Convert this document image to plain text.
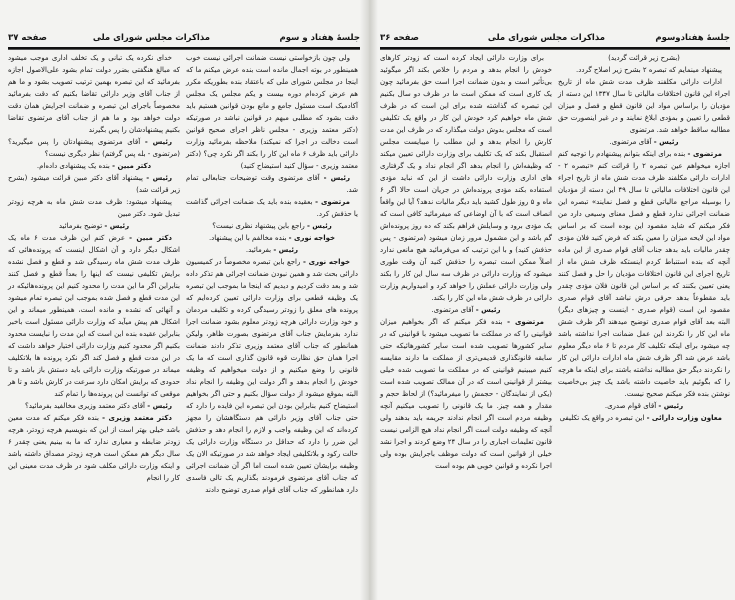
جلسهٔ هفتاد و سوم
مذاکرات مجلس شورای ملی
صفحه ۳۷

ولی چون بازخواستی نیست ضمانت اجرائی نیست خوب همینطور در بوته اجمال مانده است بنده عرض میکنم ما که اینجا در مجلس شورای ملی که باعتقاد بنده بطوریکه مکرر هم عرض کرده‌ام دوره بیست و یکم مجلس یک مجلس آکادمیک است مسئول جامع و مانع بودن قوانین هستیم باید دقت بشود که مطلبی مبهم در قوانین نباشد در صورتیکه (دکتر معتمد وزیری - مجلس ناظر اجرای صحیح قوانین است دخالت در اجرا که نمیکند) ملاحظه بفرمائید وزارت دارائی باید ظرف ۶ ماه این کار را بکند اگر نکرد چی؟ (دکتر معتمد وزیری - سؤال کنید استیضاح کنید)

رئیس - آقای مرتضوی وقت توضیحات جنابعالی تمام شد.

مرتضوی - بعقیده بنده باید یک ضمانت اجرائی گذاشت یا حذفش کرد.

رئیس - راجع باین پیشنهاد نظری نیست؟

خواجه نوری - بنده مخالفم با این پیشنهاد.

رئیس - بفرمائید.

خواجه نوری - راجع باین تبصره مخصوصاً در کمیسیون دارائی بحث شد و همین نبودن ضمانت اجرائی هم تذکر داده شد و بعد دقت کردیم و دیدیم که اینجا ما بموجب این تبصره یک وظیفه قطعی برای وزارت دارائی تعیین کرده‌ایم که پرونده های معلق را زودتر رسیدگی کرده و تکلیف مردمان و خود وزارت دارائی هرچه زودتر معلوم بشود ضمانت اجرا ندارد بفرمایش جناب آقای مرتضوی بصورت ظاهر، ولیکن همانطور که جناب آقای معتمد وزیری تذکر دادند ضمانت اجرا همان حق نظارت قوه قانون گذاری است که ما یک قانونی را وضع میکنیم و از دولت میخواهیم که وظیفه خودش را انجام بدهد و اگر دولت این وظیفه را انجام نداد البته بموقع میشود از دولت سؤال بکنیم و حتی اگر بخواهیم استیضاح کنیم بنابراین بودن این تبصره این فایده را دارد که حتی جناب آقای وزیر دارائی هم دستگاهشان را مجهز کرده‌اند که این وظیفه واجب و لازم را انجام دهد و حذفش این ضرر را دارد که حداقل در دستگاه وزارت دارائی یک حالت رکود و بلاتکلیفی ایجاد خواهد شد در صورتیکه الان یک وظیفه برایشان تعیین شده است اما اگر آن ضمانت اجرائی که جناب آقای مرتضوی فرمودند بگذاریم یک تالی فاسدی دارد همانطور که جناب آقای قوام صدری توضیح دادند

خدای نکرده یک تبانی و یک تخلف اداری موجب میشود که مبالغ هنگفتی بضرر دولت تمام بشود علی‌الاصول اجازه بفرمائید که این تبصره بهمین ترتیب تصویب بشود و ما هم از جناب آقای وزیر دارائی تقاضا بکنیم که دقت بفرمائید مخصوصاً باجرای این تبصره و ضمانت اجرایش همان دقت دولت خواهد بود و ما هم از جناب آقای مرتضوی تقاضا بکنیم پیشنهادشان را پس بگیرند

رئیس - آقای مرتضوی پیشنهادتان را پس میگیرید؟ (مرتضوی - بله پس گرفتم) نظر دیگری نیست؟

دکتر مبین - بنده یک پیشنهادی داده‌ام.

رئیس - پیشنهاد آقای دکتر مبین قرائت میشود (بشرح زیر قرائت شد)

پیشنهاد میشود: ظرف مدت شش ماه به هرچه زودتر تبدیل شود. دکتر مبین

رئیس - توضیح بفرمائید

دکتر مبین - عرض کنم این ظرف مدت ۶ ماه یک اشکال دیگر دارد و آن اشکال اینست که پرونده‌هائی که ظرف مدت شش ماه رسیدگی شد و قطع و فصل نشده برایش تکلیفی نیست که اینها را بعداً قطع و فصل کنند بنابراین اگر ما این مدت را محدود کنیم این پرونده‌هائیکه در این مدت قطع و فصل شده بموجب این تبصره تمام میشود و آنهائی که نشده و مانده است، همینطور میماند و این اشکال هم پیش میآید که وزارت دارائی مسئول است باخبر بنابراین عقیده بنده این است که این مدت را نبایست محدود بکنیم اگر محدود کنیم وزارت دارائی اختیار خواهد داشت که در این مدت قطع و فصل کند اگر نکرد پرونده ها بلاتکلیف میماند در صورتیکه وزارت دارائی باید دستش باز باشد و تا حدودی که برایش امکان دارد سرعت در کارش باشد و تا هر موقعی که توانست این پرونده‌ها را تمام کند

رئیس - آقای دکتر معتمد وزیری مخالفید بفرمائید؟

دکتر معتمد وزیری - بنده فکر میکنم که مدت معین باشد خیلی بهتر است از این که بنویسیم هرچه زودتر، هرچه زودتر ضابطه و معیاری ندارد که ما به بینیم یعنی چقدر ۶ سال دیگر هم ممکن است هرچه زودتر مصداق داشته باشد و اینکه وزارت دارائی مکلف شود در ظرف مدت معینی این کار را انجام

جلسهٔ هفتادوسوم
مذاکرات مجلس شورای ملی
صفحه ۳۶

(بشرح زیر قرائت گردید)

پیشنهاد مینمایم که تبصره ۲ بشرح زیر اصلاح گردد.

ادارات دارائی مکلفند ظرف مدت شش ماه از تاریخ اجراء این قانون اختلافات مالیاتی تا سال ۱۳۴۷ این دسته از مؤدیان را براساس مواد این قانون قطع و فصل و میزان قطعی را تعیین و بمؤدی ابلاغ نمایند و در غیر اینصورت حق مطالبه ساقط خواهد شد. مرتضوی

رئیس - آقای مرتضوی.

مرتضوی - بنده برای اینکه بتوانم پیشنهادم را توجیه کنم اجازه میخواهم عین تبصره ۲ را قرائت کنم «تبصره ۲ - ادارات دارائی مکلفند ظرف مدت شش ماه از تاریخ اجراء این قانون اختلافات مالیاتی تا سال ۴۹ این دسته از مؤدیان را بوسیله مراجع مالیاتی قطع و فصل نمایند» تبصره این ضمانت اجرائی ندارد قطع و فصل معنای وسیعی دارد من فکر میکنم که شاید مقصود این بوده است که بر اساس مواد این لایحه میزان را معین بکند که فرض کنید فلان مؤدی چقدر مالیات باید بدهد جناب آقای قوام صدری از این ماده آنچه که بنده استنباط کردم اینستکه ظرف شش ماه از تاریخ اجرای این قانون اختلافات مؤدیان را حل و فصل کنند یعنی تعیین بکنند که بر اساس این قانون فلان مؤدی چقدر باید مقطوعاً بدهد حرفی درش نباشد آقای قوام صدری مقصود این است (قوام صدری - اینست و چیزهای دیگر) البته بعد آقای قوام صدری توضیح میدهند اگر ظرف شش ماه این کار را نکردند این عمل ضمانت اجرا نداشته باشد چه میشود برای اینکه تکلیف کار مردم تا ۶ ماه دیگر معلوم باشد عرض شد اگر ظرف شش ماه ادارات دارائی این کار را نکردند دیگر حق مطالبه نداشته باشند برای اینکه ما هرچه را که بگوئیم باید خاصیت داشته باشد یک چیز بی‌خاصیت نوشتن بنده فکر میکنم صحیح نیست.

رئیس - آقای قوام صدری.

معاون وزارت دارائی - این تبصره در واقع یک تکلیفی

برای وزارت دارائی ایجاد کرده است که زودتر کارهای خودش را انجام بدهد و مردم را خلاص بکند اگر میگوئید بی‌تأثیر است و بدون ضمانت اجرا است حق بفرمائید چون یک کاری است که ممکن است ما در ظرف دو سال بکنیم این تبصره که گذاشته شده برای این است که در ظرف شش ماه خواهیم کرد خودش این کار در واقع یک تکلیفی است که مجلس بدوش دولت میگذارد که در ظرف این مدت کارش را انجام بدهد و این مطلب را میبایست مجلس استقبال بکند که یک تکلیف برای وزارت دارائی تعیین میکند که وظیفه‌اش را انجام بدهد اگر انجام نداد و یک گرفتاری های اداری وزارت دارائی داشت از این که نباید مؤدی استفاده بکند مؤدی پرونده‌اش در جریان است حالا اگر ۶ ماه و ۵ روز طول کشید باید دیگر مالیات ندهد؟ آیا این واقعاً انصاف است که با آن اوضاعی که میفرمائید کافی است که یک مؤدی برود و وسایلش فراهم بکند که ده روز پرونده‌اش گم باشد و این مشمول مرور زمان میشود (مرتضوی - پس حذفش کنید) و با این ترتیب که می‌فرمائید هیچ مانعی ندارد اصلاً ممکن است تبصره را حذفش کنید آن وقت طوری میشود که وزارت دارائی در ظرف سه سال این کار را بکند ولی وزارت دارائی عملش را خواهد کرد و امیدواریم وزارت دارائی در ظرف شش ماه این کار را بکند.

رئیس - آقای مرتضوی.

مرتضوی - بنده فکر میکنم که اگر بخواهیم میزان قوانینی را که در مملکت ما تصویب میشود با قوانینی که در سایر کشورها تصویب شده است سایر کشورهائیکه حتی سابقه قانونگذاری قدیمی‌تری از مملکت ما دارند مقایسه کنیم میبینیم قوانینی که در مملکت ما تصویب شده خیلی بیشتر از قوانینی است که در آن ممالک تصویب شده است (یکی از نمایندگان - حجمش را میفرمائید؟) از لحاظ حجم و مقدار و همه چیز. ما یک قانونی را تصویب میکنیم آنچه وظیفه مردم است اگر انجام ندادند جریمه باید بدهند ولی آنچه که وظیفه دولت است اگر انجام نداد هیچ الزامی نیست قانون تعلیمات اجباری را در سال ۲۴ وضع کردند و اجرا نشد خیلی از قوانین است که دولت موظف باجرایش بوده ولی اجرا نکرده و قوانین خوبی هم بوده است
